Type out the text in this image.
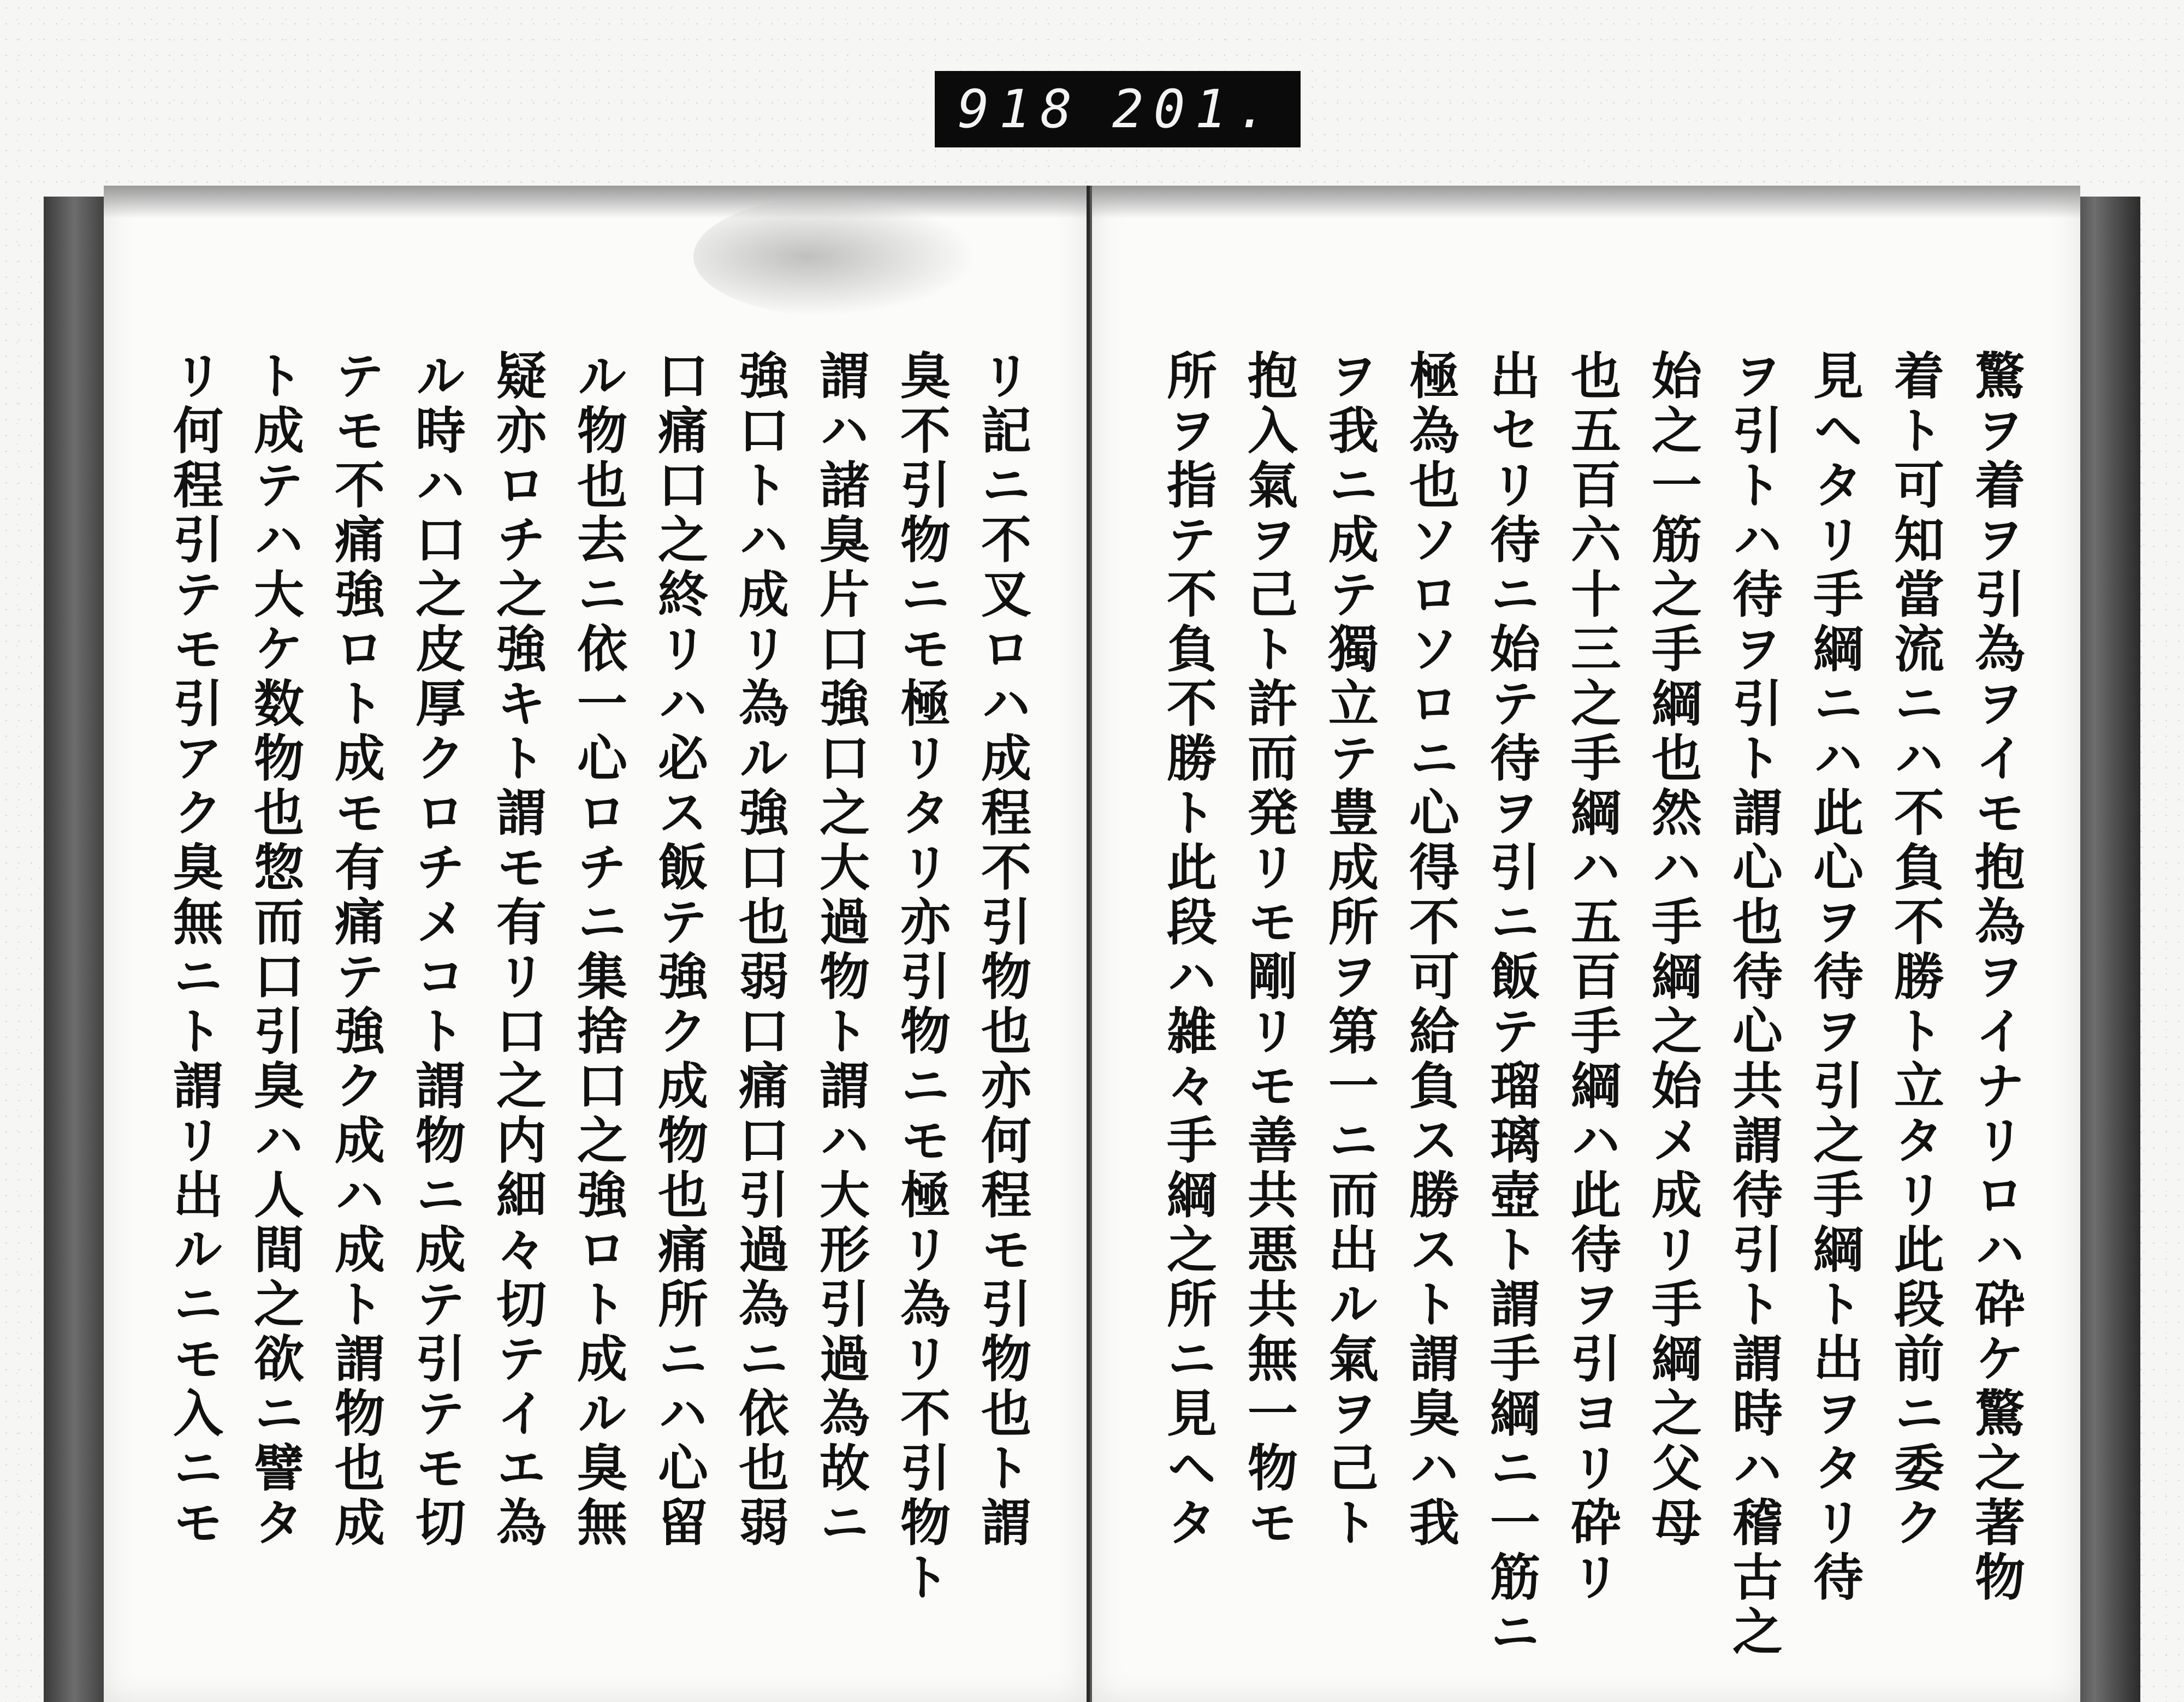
918 201.
リ記ニ不叉ロハ成程不引物也亦何程モ引物也ト謂
臭不引物ニモ極リタリ亦引物ニモ極リ為リ不引物ト
謂ハ諸臭片口強口之大過物ト謂ハ大形引過為故ニ
強口トハ成リ為ル強口也弱口痛口引過為ニ依也弱
口痛口之終リハ必ス飯テ強ク成物也痛所ニハ心留
ル物也去ニ依一心ロチニ集捨口之強ロト成ル臭無
疑亦ロチ之強キト謂モ有リ口之内細々切テイエ為
ル時ハ口之皮厚クロチメコト謂物ニ成テ引テモ切
テモ不痛強ロト成モ有痛テ強ク成ハ成ト謂物也成
ト成テハ大ケ数物也惣而口引臭ハ人間之欲ニ譬タ
リ何程引テモ引アク臭無ニト謂リ出ルニモ入ニモ	驚ヲ着ヲ引為ヲイモ抱為ヲイナリロハ砕ケ驚之著物
着ト可知當流ニハ不負不勝ト立タリ此段前ニ委ク
見ヘタリ手綱ニハ此心ヲ待ヲ引之手綱ト出ヲタリ待
ヲ引トハ待ヲ引ト謂心也待心共謂待引ト謂時ハ稽古之
始之一筋之手綱也然ハ手綱之始メ成リ手綱之父母
也五百六十三之手綱ハ五百手綱ハ此待ヲ引ヨリ砕リ
出セリ待ニ始テ待ヲ引ニ飯テ瑠璃壺ト謂手綱ニ一筋ニ
極為也ソロソロニ心得不可給負ス勝スト謂臭ハ我
ヲ我ニ成テ獨立テ豊成所ヲ第一ニ而出ル氣ヲ己ト
抱入氣ヲ己ト許而発リモ剛リモ善共悪共無一物モ
所ヲ指テ不負不勝ト此段ハ雑々手綱之所ニ見ヘタ
